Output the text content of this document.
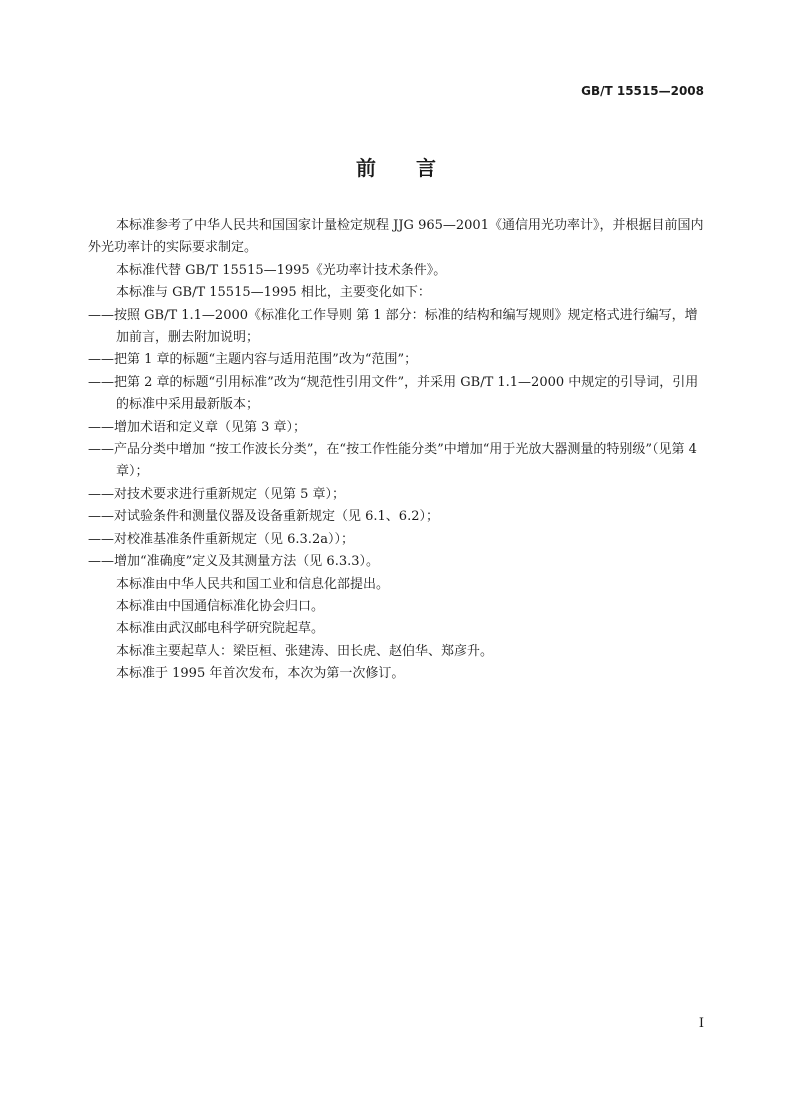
GB/T 15515—2008
前言

本标准参考了中华人民共和国国家计量检定规程 JJG 965—2001《通信用光功率计》，并根据目前国内外光功率计的实际要求制定。

本标准代替 GB/T 15515—1995《光功率计技术条件》。

本标准与 GB/T 15515—1995 相比，主要变化如下：

——按照 GB/T 1.1—2000《标准化工作导则 第 1 部分：标准的结构和编写规则》规定格式进行编写，增加前言，删去附加说明；

——把第 1 章的标题“主题内容与适用范围”改为“范围”；

——把第 2 章的标题“引用标准”改为“规范性引用文件”，并采用 GB/T 1.1—2000 中规定的引导词，引用的标准中采用最新版本；

——增加术语和定义章（见第 3 章）；

——产品分类中增加 “按工作波长分类”，在“按工作性能分类”中增加“用于光放大器测量的特别级”（见第 4 章）；

——对技术要求进行重新规定（见第 5 章）；

——对试验条件和测量仪器及设备重新规定（见 6.1、6.2）；

——对校准基准条件重新规定（见 6.3.2a））；

——增加“准确度”定义及其测量方法（见 6.3.3）。

本标准由中华人民共和国工业和信息化部提出。

本标准由中国通信标准化协会归口。

本标准由武汉邮电科学研究院起草。

本标准主要起草人：梁臣桓、张建涛、田长虎、赵伯华、郑彦升。

本标准于 1995 年首次发布，本次为第一次修订。

I
